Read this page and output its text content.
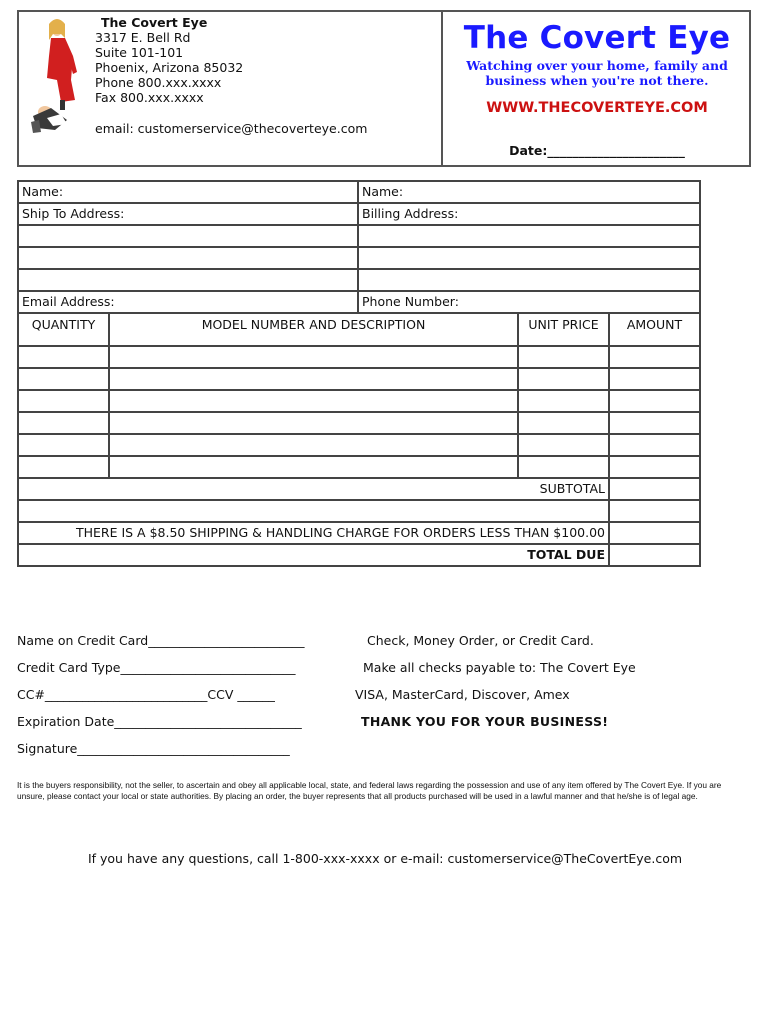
The Covert Eye
3317 E. Bell Rd
Suite 101-101
Phoenix, Arizona 85032
Phone 800.xxx.xxxx
Fax 800.xxx.xxxx
email: customerservice@thecoverteye.com
The Covert Eye
Watching over your home, family and
business when you're not there.
WWW.THECOVERTEYE.COM
Date:______________________
Name:		Name:		
Ship To Address:		Billing Address:		

Email Address:		Phone Number:		
QUANTITY	MODEL NUMBER AND DESCRIPTION		UNIT PRICE	AMOUNT

SUBTOTAL				

THERE IS A $8.50 SHIPPING & HANDLING CHARGE FOR ORDERS LESS THAN $100.00				
TOTAL DUE				
Name on Credit Card_________________________
Credit Card Type____________________________
CC#__________________________CCV ______
Expiration Date______________________________
Signature__________________________________
Check, Money Order, or Credit Card.
Make all checks payable to: The Covert Eye
VISA, MasterCard, Discover, Amex
THANK YOU FOR YOUR BUSINESS!
It is the buyers responsibility, not the seller, to ascertain and obey all applicable local, state, and federal laws regarding the possession and use of any item offered by The Covert Eye. If you are unsure, please contact your local or state authorities. By placing an order, the buyer represents that all products purchased will be used in a lawful manner and that he/she is of legal age.
If you have any questions, call 1-800-xxx-xxxx or e-mail: customerservice@TheCovertEye.com
